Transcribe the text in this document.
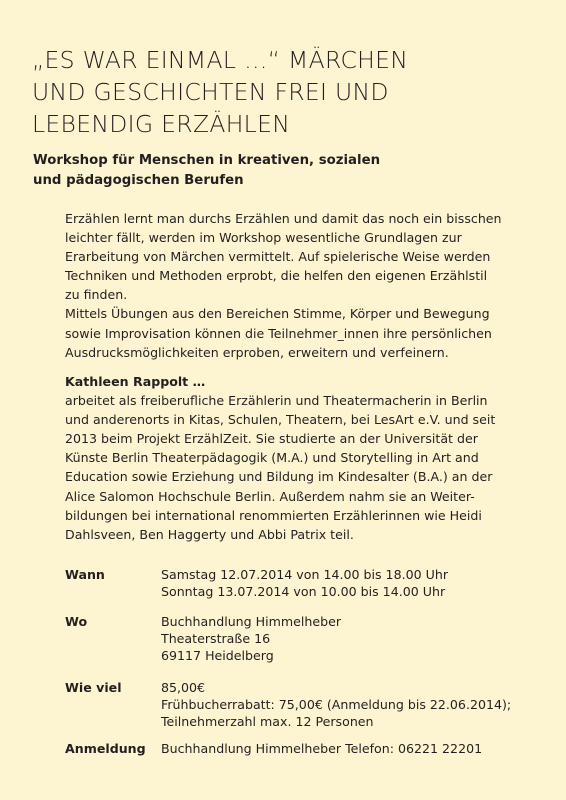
„ES WAR EINMAL …“ MÄRCHEN
UND GESCHICHTEN FREI UND
LEBENDIG ERZÄHLEN
Workshop für Menschen in kreativen, sozialen
und pädagogischen Berufen
Erzählen lernt man durchs Erzählen und damit das noch ein bisschen
leichter fällt, werden im Workshop wesentliche Grundlagen zur
Erarbeitung von Märchen vermittelt. Auf spielerische Weise werden
Techniken und Methoden erprobt, die helfen den eigenen Erzählstil
zu finden.
Mittels Übungen aus den Bereichen Stimme, Körper und Bewegung
sowie Improvisation können die Teilnehmer_innen ihre persönlichen
Ausdrucksmöglichkeiten erproben, erweitern und verfeinern.
Kathleen Rappolt …
arbeitet als freiberufliche Erzählerin und Theatermacherin in Berlin
und anderenorts in Kitas, Schulen, Theatern, bei LesArt e.V. und seit
2013 beim Projekt ErzählZeit. Sie studierte an der Universität der
Künste Berlin Theaterpädagogik (M.A.) und Storytelling in Art and
Education sowie Erziehung und Bildung im Kindesalter (B.A.) an der
Alice Salomon Hochschule Berlin. Außerdem nahm sie an Weiter-
bildungen bei international renommierten Erzählerinnen wie Heidi
Dahlsveen, Ben Haggerty und Abbi Patrix teil.
Wann	Samstag 12.07.2014 von 14.00 bis 18.00 Uhr
Sonntag 13.07.2014 von 10.00 bis 14.00 Uhr
Wo	Buchhandlung Himmelheber
Theaterstraße 16
69117 Heidelberg
Wie viel	85,00€
Frühbucherrabatt: 75,00€ (Anmeldung bis 22.06.2014);
Teilnehmerzahl max. 12 Personen
Anmeldung Buchhandlung Himmelheber Telefon: 06221 22201
